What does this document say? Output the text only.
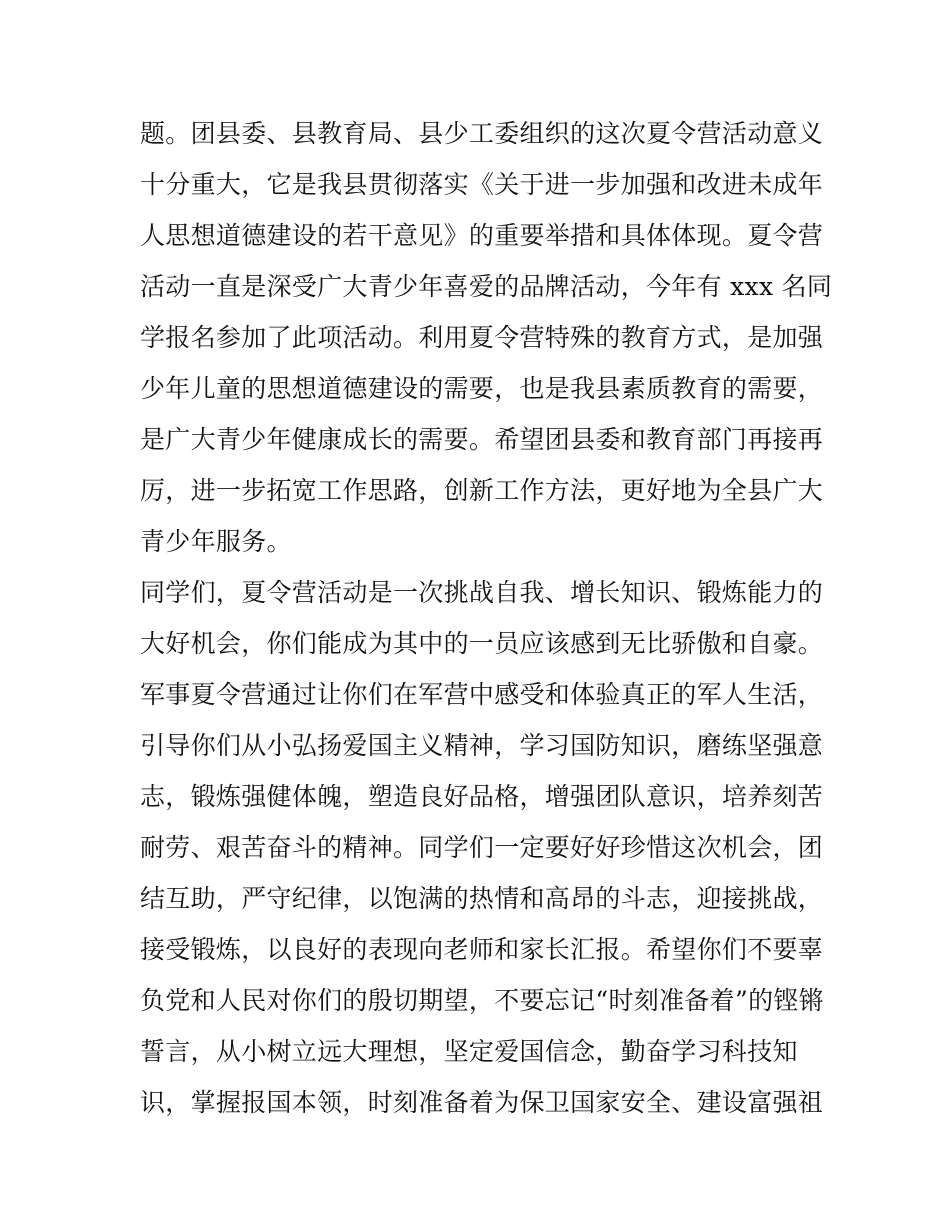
题。团县委、县教育局、县少工委组织的这次夏令营活动意义
十分重大，它是我县贯彻落实《关于进一步加强和改进未成年
人思想道德建设的若干意见》的重要举措和具体体现。夏令营
活动一直是深受广大青少年喜爱的品牌活动，今年有 xxx 名同
学报名参加了此项活动。利用夏令营特殊的教育方式，是加强
少年儿童的思想道德建设的需要，也是我县素质教育的需要，
是广大青少年健康成长的需要。希望团县委和教育部门再接再
厉，进一步拓宽工作思路，创新工作方法，更好地为全县广大
青少年服务。
同学们，夏令营活动是一次挑战自我、增长知识、锻炼能力的
大好机会，你们能成为其中的一员应该感到无比骄傲和自豪。
军事夏令营通过让你们在军营中感受和体验真正的军人生活，
引导你们从小弘扬爱国主义精神，学习国防知识，磨练坚强意
志，锻炼强健体魄，塑造良好品格，增强团队意识，培养刻苦
耐劳、艰苦奋斗的精神。同学们一定要好好珍惜这次机会，团
结互助，严守纪律，以饱满的热情和高昂的斗志，迎接挑战，
接受锻炼，以良好的表现向老师和家长汇报。希望你们不要辜
负党和人民对你们的殷切期望，不要忘记“时刻准备着”的铿锵
誓言，从小树立远大理想，坚定爱国信念，勤奋学习科技知
识，掌握报国本领，时刻准备着为保卫国家安全、建设富强祖
